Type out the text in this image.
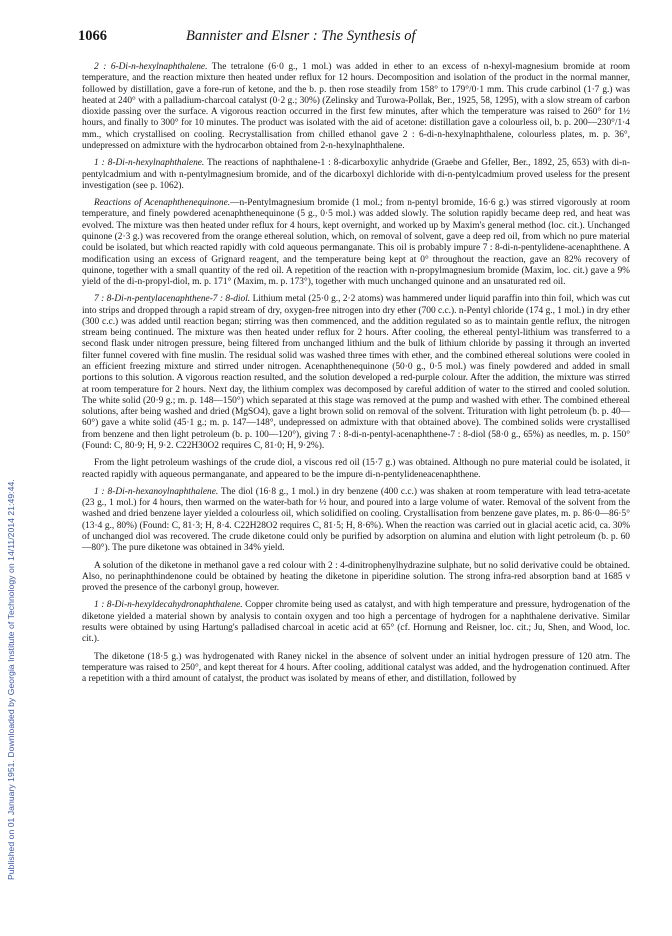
Published on 01 January 1951. Downloaded by Georgia Institute of Technology on 14/11/2014 21:49:44.
1066	Bannister and Elsner : The Synthesis of

2 : 6-Di-n-hexylnaphthalene. The tetralone (6·0 g., 1 mol.) was added in ether to an excess of n-hexyl-magnesium bromide at room temperature, and the reaction mixture then heated under reflux for 12 hours. Decomposition and isolation of the product in the normal manner, followed by distillation, gave a fore-run of ketone, and the b. p. then rose steadily from 158° to 179°/0·1 mm. This crude carbinol (1·7 g.) was heated at 240° with a palladium-charcoal catalyst (0·2 g.; 30%) (Zelinsky and Turowa-Pollak, Ber., 1925, 58, 1295), with a slow stream of carbon dioxide passing over the surface. A vigorous reaction occurred in the first few minutes, after which the temperature was raised to 260° for 1½ hours, and finally to 300° for 10 minutes. The product was isolated with the aid of acetone: distillation gave a colourless oil, b. p. 200—230°/1·4 mm., which crystallised on cooling. Recrystallisation from chilled ethanol gave 2 : 6-di-n-hexylnaphthalene, colourless plates, m. p. 36°, undepressed on admixture with the hydrocarbon obtained from 2-n-hexylnaphthalene.

1 : 8-Di-n-hexylnaphthalene. The reactions of naphthalene-1 : 8-dicarboxylic anhydride (Graebe and Gfeller, Ber., 1892, 25, 653) with di-n-pentylcadmium and with n-pentylmagnesium bromide, and of the dicarboxyl dichloride with di-n-pentylcadmium proved useless for the present investigation (see p. 1062).

Reactions of Acenaphthenequinone.—n-Pentylmagnesium bromide (1 mol.; from n-pentyl bromide, 16·6 g.) was stirred vigorously at room temperature, and finely powdered acenaphthenequinone (5 g., 0·5 mol.) was added slowly. The solution rapidly became deep red, and heat was evolved. The mixture was then heated under reflux for 4 hours, kept overnight, and worked up by Maxim's general method (loc. cit.). Unchanged quinone (2·3 g.) was recovered from the orange ethereal solution, which, on removal of solvent, gave a deep red oil, from which no pure material could be isolated, but which reacted rapidly with cold aqueous permanganate. This oil is probably impure 7 : 8-di-n-pentylidene-acenaphthene. A modification using an excess of Grignard reagent, and the temperature being kept at 0° throughout the reaction, gave an 82% recovery of quinone, together with a small quantity of the red oil. A repetition of the reaction with n-propylmagnesium bromide (Maxim, loc. cit.) gave a 9% yield of the di-n-propyl-diol, m. p. 171° (Maxim, m. p. 173°), together with much unchanged quinone and an unsaturated red oil.

7 : 8-Di-n-pentylacenaphthene-7 : 8-diol. Lithium metal (25·0 g., 2·2 atoms) was hammered under liquid paraffin into thin foil, which was cut into strips and dropped through a rapid stream of dry, oxygen-free nitrogen into dry ether (700 c.c.). n-Pentyl chloride (174 g., 1 mol.) in dry ether (300 c.c.) was added until reaction began; stirring was then commenced, and the addition regulated so as to maintain gentle reflux, the nitrogen stream being continued. The mixture was then heated under reflux for 2 hours. After cooling, the ethereal pentyl-lithium was transferred to a second flask under nitrogen pressure, being filtered from unchanged lithium and the bulk of lithium chloride by passing it through an inverted filter funnel covered with fine muslin. The residual solid was washed three times with ether, and the combined ethereal solutions were cooled in an efficient freezing mixture and stirred under nitrogen. Acenaphthenequinone (50·0 g., 0·5 mol.) was finely powdered and added in small portions to this solution. A vigorous reaction resulted, and the solution developed a red-purple colour. After the addition, the mixture was stirred at room temperature for 2 hours. Next day, the lithium complex was decomposed by careful addition of water to the stirred and cooled solution. The white solid (20·9 g.; m. p. 148—150°) which separated at this stage was removed at the pump and washed with ether. The combined ethereal solutions, after being washed and dried (MgSO4), gave a light brown solid on removal of the solvent. Trituration with light petroleum (b. p. 40—60°) gave a white solid (45·1 g.; m. p. 147—148°, undepressed on admixture with that obtained above). The combined solids were crystallised from benzene and then light petroleum (b. p. 100—120°), giving 7 : 8-di-n-pentyl-acenaphthene-7 : 8-diol (58·0 g., 65%) as needles, m. p. 150° (Found: C, 80·9; H, 9·2. C22H30O2 requires C, 81·0; H, 9·2%).

From the light petroleum washings of the crude diol, a viscous red oil (15·7 g.) was obtained. Although no pure material could be isolated, it reacted rapidly with aqueous permanganate, and appeared to be the impure di-n-pentylideneacenaphthene.

1 : 8-Di-n-hexanoylnaphthalene. The diol (16·8 g., 1 mol.) in dry benzene (400 c.c.) was shaken at room temperature with lead tetra-acetate (23 g., 1 mol.) for 4 hours, then warmed on the water-bath for ½ hour, and poured into a large volume of water. Removal of the solvent from the washed and dried benzene layer yielded a colourless oil, which solidified on cooling. Crystallisation from benzene gave plates, m. p. 86·0—86·5° (13·4 g., 80%) (Found: C, 81·3; H, 8·4. C22H28O2 requires C, 81·5; H, 8·6%). When the reaction was carried out in glacial acetic acid, ca. 30% of unchanged diol was recovered. The crude diketone could only be purified by adsorption on alumina and elution with light petroleum (b. p. 60—80°). The pure diketone was obtained in 34% yield.

A solution of the diketone in methanol gave a red colour with 2 : 4-dinitrophenylhydrazine sulphate, but no solid derivative could be obtained. Also, no perinaphthindenone could be obtained by heating the diketone in piperidine solution. The strong infra-red absorption band at 1685 ν proved the presence of the carbonyl group, however.

1 : 8-Di-n-hexyldecahydronaphthalene. Copper chromite being used as catalyst, and with high temperature and pressure, hydrogenation of the diketone yielded a material shown by analysis to contain oxygen and too high a percentage of hydrogen for a naphthalene derivative. Similar results were obtained by using Hartung's palladised charcoal in acetic acid at 65° (cf. Hornung and Reisner, loc. cit.; Ju, Shen, and Wood, loc. cit.).

The diketone (18·5 g.) was hydrogenated with Raney nickel in the absence of solvent under an initial hydrogen pressure of 120 atm. The temperature was raised to 250°, and kept thereat for 4 hours. After cooling, additional catalyst was added, and the hydrogenation continued. After a repetition with a third amount of catalyst, the product was isolated by means of ether, and distillation, followed by
